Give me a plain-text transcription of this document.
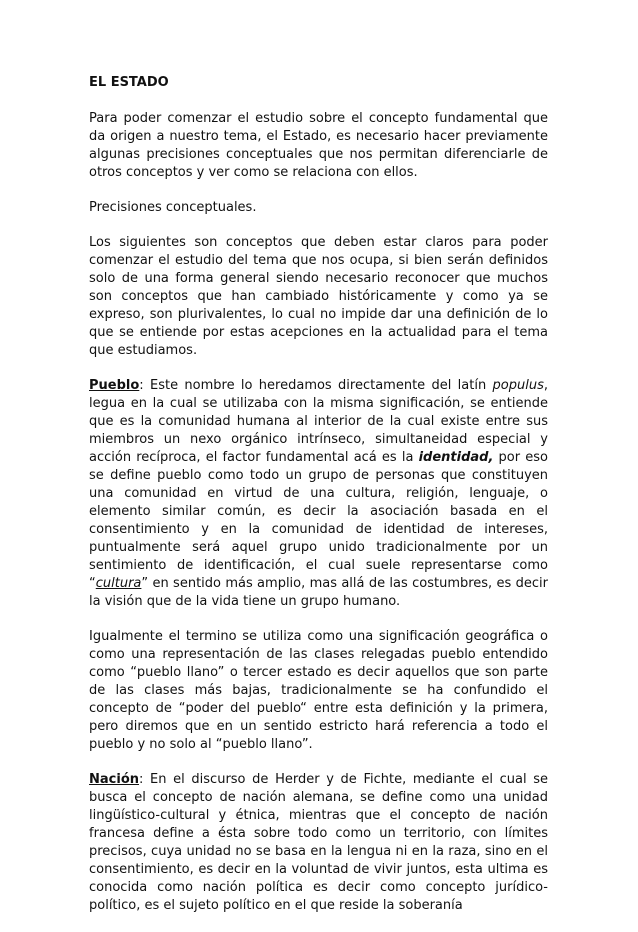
EL ESTADO

Para poder comenzar el estudio sobre el concepto fundamental que da origen a nuestro tema, el Estado, es necesario hacer previamente algunas precisiones conceptuales que nos permitan diferenciarle de otros conceptos y ver como se relaciona con ellos.

Precisiones conceptuales.

Los siguientes son conceptos que deben estar claros para poder comenzar el estudio del tema que nos ocupa, si bien serán definidos solo de una forma general siendo necesario reconocer que muchos son conceptos que han cambiado históricamente y como ya se expreso, son plurivalentes, lo cual no impide dar una definición de lo que se entiende por estas acepciones en la actualidad para el tema que estudiamos.

Pueblo: Este nombre lo heredamos directamente del latín populus, legua en la cual se utilizaba con la misma significación, se entiende que es la comunidad humana al interior de la cual existe entre sus miembros un nexo orgánico intrínseco, simultaneidad especial y acción recíproca, el factor fundamental acá es la identidad, por eso se define pueblo como todo un grupo de personas que constituyen una comunidad en virtud de una cultura, religión, lenguaje, o elemento similar común, es decir la asociación basada en el consentimiento y en la comunidad de identidad de intereses, puntualmente será aquel grupo unido tradicionalmente por un sentimiento de identificación, el cual suele representarse como “cultura” en sentido más amplio, mas allá de las costumbres, es decir la visión que de la vida tiene un grupo humano.

Igualmente el termino se utiliza como una significación geográfica o como una representación de las clases relegadas pueblo entendido como “pueblo llano” o tercer estado es decir aquellos que son parte de las clases más bajas, tradicionalmente se ha confundido el concepto de “poder del pueblo“ entre esta definición y la primera, pero diremos que en un sentido estricto hará referencia a todo el pueblo y no solo al “pueblo llano”.

Nación: En el discurso de Herder y de Fichte, mediante el cual se busca el concepto de nación alemana, se define como una unidad lingüístico-cultural y étnica, mientras que el concepto de nación francesa define a ésta sobre todo como un territorio, con límites precisos, cuya unidad no se basa en la lengua ni en la raza, sino en el consentimiento, es decir en la voluntad de vivir juntos, esta ultima es conocida como nación política es decir como concepto jurídico-político, es el sujeto político en el que reside la soberanía
